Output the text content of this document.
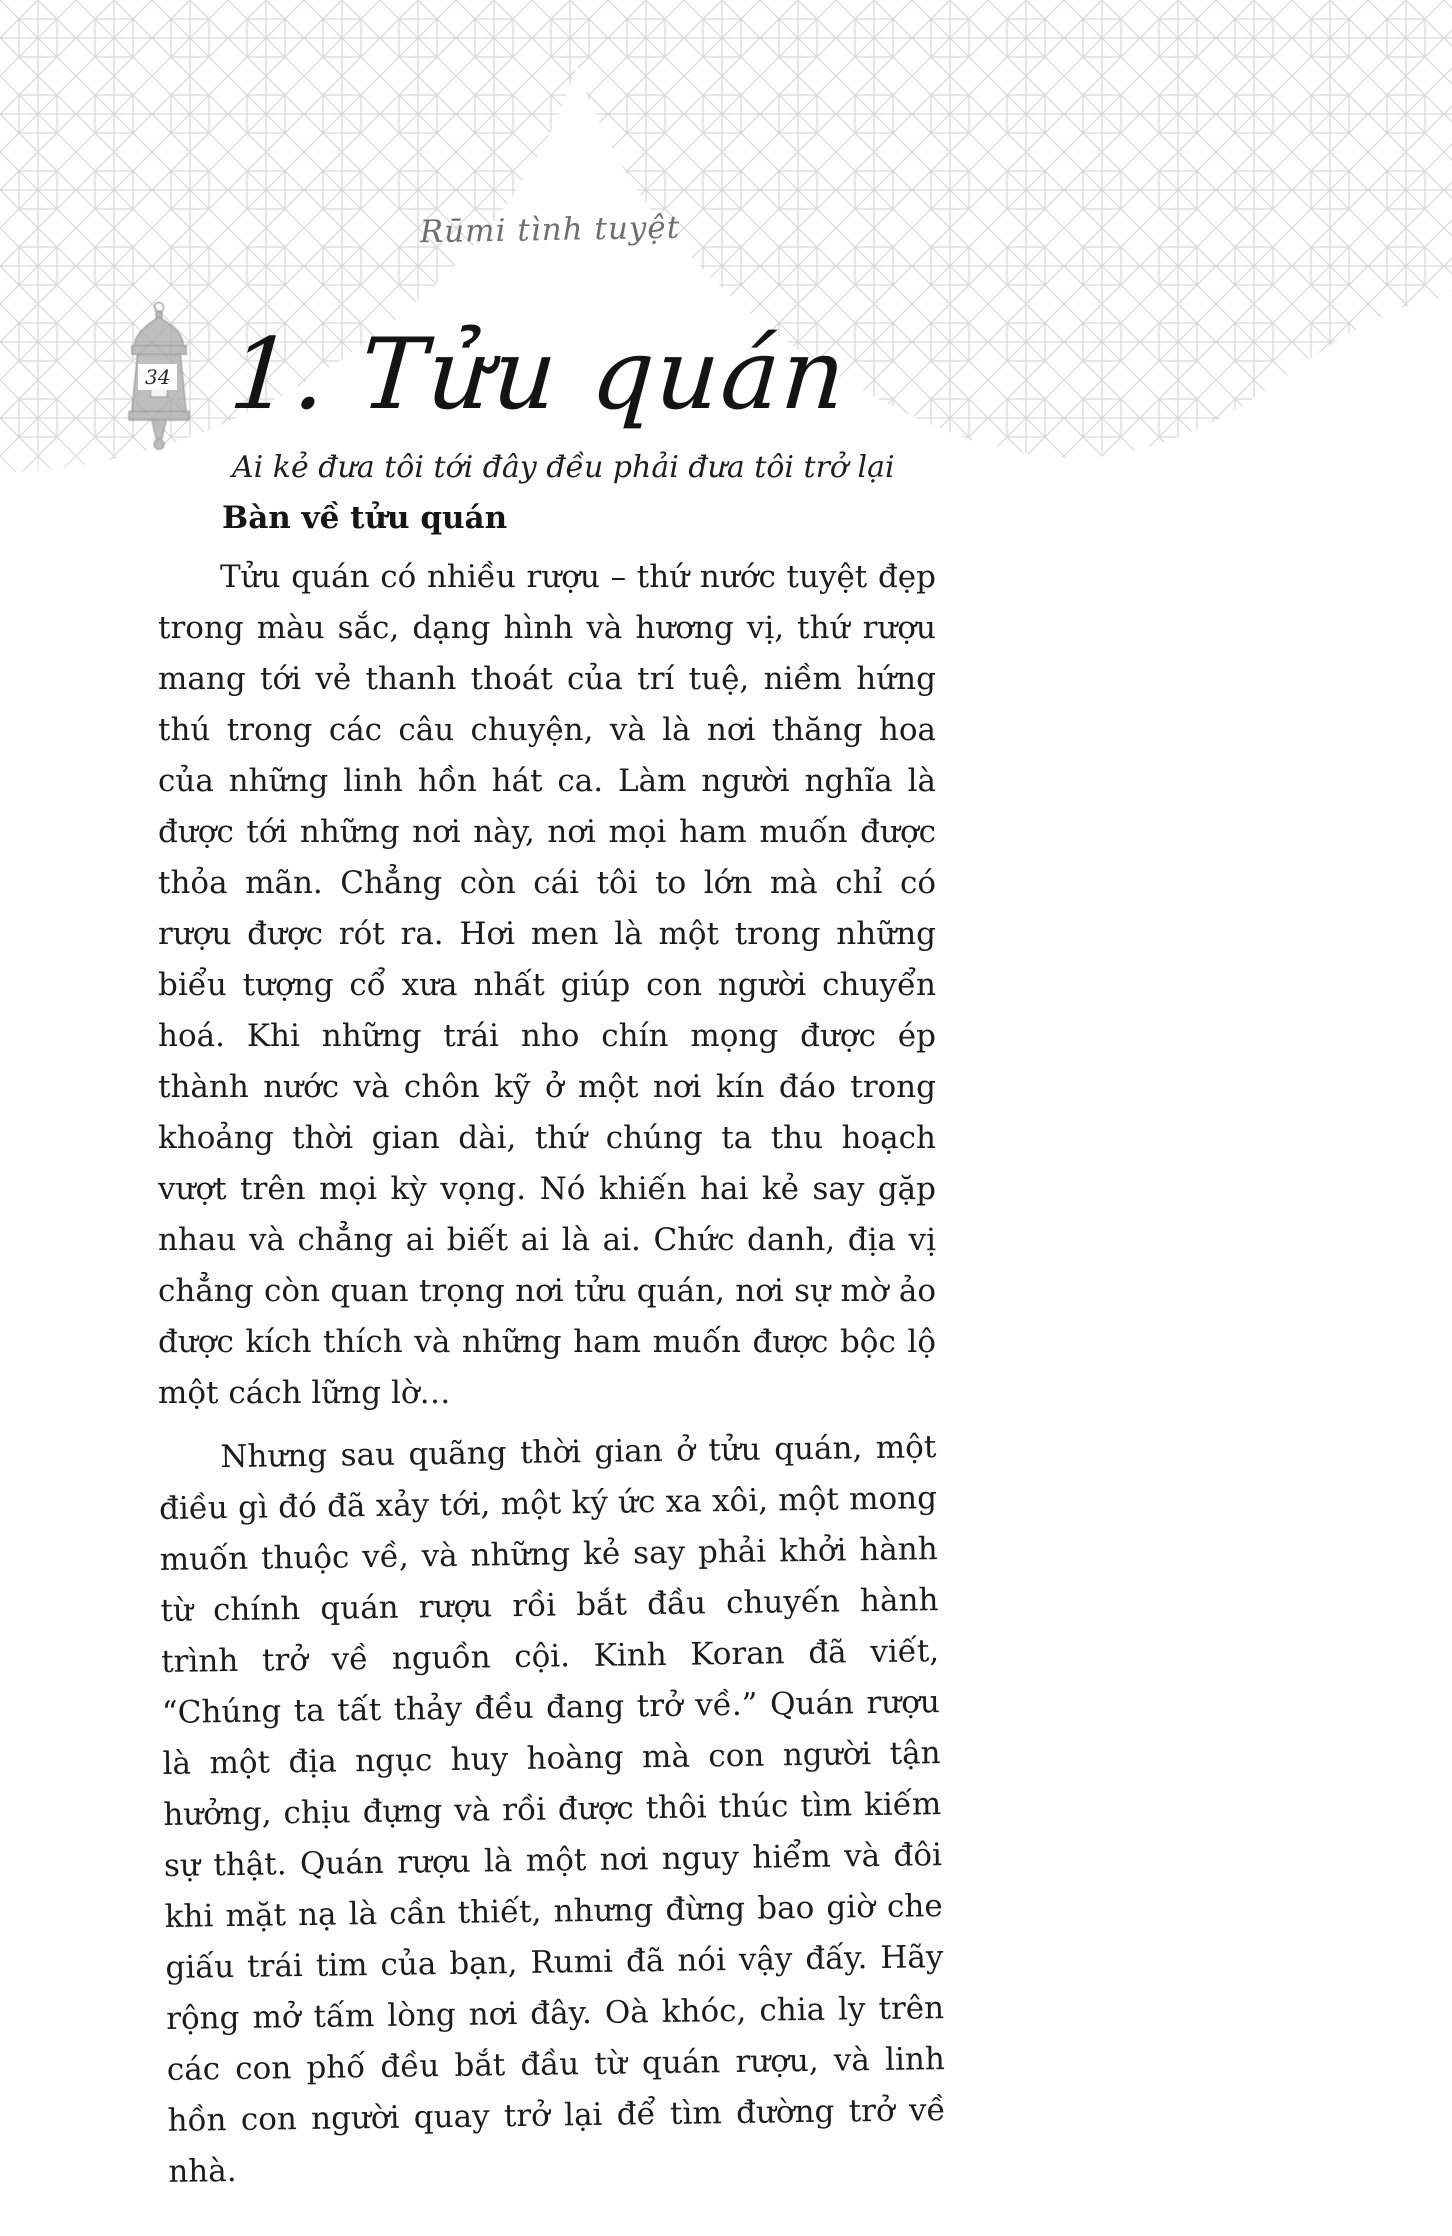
Rūmi tình tuyệt
34 1. Tửu quán
Ai kẻ đưa tôi tới đây đều phải đưa tôi trở lại
Bàn về tửu quán

Tửu quán có nhiều rượu – thứ nước tuyệt đẹp trong màu sắc, dạng hình và hương vị, thứ rượu mang tới vẻ thanh thoát của trí tuệ, niềm hứng thú trong các câu chuyện, và là nơi thăng hoa của những linh hồn hát ca. Làm người nghĩa là được tới những nơi này, nơi mọi ham muốn được thỏa mãn. Chẳng còn cái tôi to lớn mà chỉ có rượu được rót ra. Hơi men là một trong những biểu tượng cổ xưa nhất giúp con người chuyển hoá. Khi những trái nho chín mọng được ép thành nước và chôn kỹ ở một nơi kín đáo trong khoảng thời gian dài, thứ chúng ta thu hoạch vượt trên mọi kỳ vọng. Nó khiến hai kẻ say gặp nhau và chẳng ai biết ai là ai. Chức danh, địa vị chẳng còn quan trọng nơi tửu quán, nơi sự mờ ảo được kích thích và những ham muốn được bộc lộ một cách lững lờ…

Nhưng sau quãng thời gian ở tửu quán, một điều gì đó đã xảy tới, một ký ức xa xôi, một mong muốn thuộc về, và những kẻ say phải khởi hành từ chính quán rượu rồi bắt đầu chuyến hành trình trở về nguồn cội. Kinh Koran đã viết, “Chúng ta tất thảy đều đang trở về.” Quán rượu là một địa ngục huy hoàng mà con người tận hưởng, chịu đựng và rồi được thôi thúc tìm kiếm sự thật. Quán rượu là một nơi nguy hiểm và đôi khi mặt nạ là cần thiết, nhưng đừng bao giờ che giấu trái tim của bạn, Rumi đã nói vậy đấy. Hãy rộng mở tấm lòng nơi đây. Oà khóc, chia ly trên các con phố đều bắt đầu từ quán rượu, và linh hồn con người quay trở lại để tìm đường trở về nhà.
